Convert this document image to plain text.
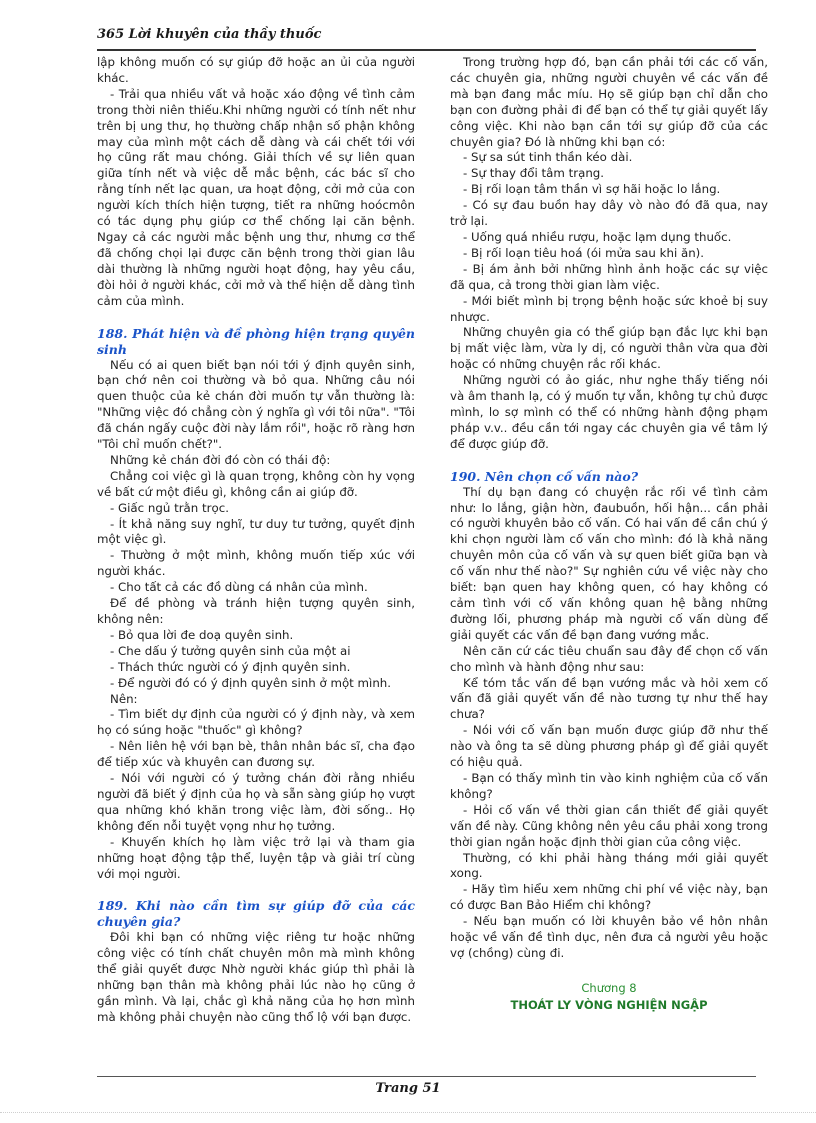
365 Lời khuyên của thầy thuốc

lập không muốn có sự giúp đỡ hoặc an ủi của người khác.

- Trải qua nhiều vất vả hoặc xáo động về tình cảm trong thời niên thiếu.Khi những người có tính nết như trên bị ung thư, họ thường chấp nhận số phận không may của mình một cách dễ dàng và cái chết tới với họ cũng rất mau chóng. Giải thích về sự liên quan giữa tính nết và việc dễ mắc bệnh, các bác sĩ cho rằng tính nết lạc quan, ưa hoạt động, cởi mở của con người kích thích hiện tượng, tiết ra những hoócmôn có tác dụng phụ giúp cơ thể chống lại căn bệnh. Ngay cả các người mắc bệnh ung thư, nhưng cơ thể đã chống chọi lại được căn bệnh trong thời gian lâu dài thường là những người hoạt động, hay yêu cầu, đòi hỏi ở người khác, cởi mở và thể hiện dễ dàng tình cảm của mình.

188. Phát hiện và đề phòng hiện trạng quyên sinh

Nếu có ai quen biết bạn nói tới ý định quyên sinh, bạn chớ nên coi thường và bỏ qua. Những câu nói quen thuộc của kẻ chán đời muốn tự vẫn thường là: "Những việc đó chẳng còn ý nghĩa gì với tôi nữa". "Tôi đã chán ngấy cuộc đời này lắm rồi", hoặc rõ ràng hơn "Tôi chỉ muốn chết?".

Những kẻ chán đời đó còn có thái độ:

Chẳng coi việc gì là quan trọng, không còn hy vọng về bất cứ một điều gì, không cần ai giúp đỡ.

- Giấc ngủ trằn trọc.

- Ít khả năng suy nghĩ, tư duy tư tưởng, quyết định một việc gì.

- Thường ở một mình, không muốn tiếp xúc với người khác.

- Cho tất cả các đồ dùng cá nhân của mình.

Để đề phòng và tránh hiện tượng quyên sinh, không nên:

- Bỏ qua lời đe doạ quyên sinh.

- Che dấu ý tưởng quyên sinh của một ai

- Thách thức người có ý định quyên sinh.

- Để người đó có ý định quyên sinh ở một mình.

Nên:

- Tìm biết dự định của người có ý định này, và xem họ có súng hoặc "thuốc" gì không?

- Nên liên hệ với bạn bè, thân nhân bác sĩ, cha đạo để tiếp xúc và khuyên can đương sự.

- Nói với người có ý tưởng chán đời rằng nhiều người đã biết ý định của họ và sẵn sàng giúp họ vượt qua những khó khăn trong việc làm, đời sống.. Họ không đến nỗi tuyệt vọng như họ tưởng.

- Khuyến khích họ làm việc trở lại và tham gia những hoạt động tập thể, luyện tập và giải trí cùng với mọi người.

189. Khi nào cần tìm sự giúp đỡ của các chuyên gia?

Đôi khi bạn có những việc riêng tư hoặc những công việc có tính chất chuyên môn mà mình không thể giải quyết được Nhờ người khác giúp thì phải là những bạn thân mà không phải lúc nào họ cũng ở gần mình. Và lại, chắc gì khả năng của họ hơn mình mà không phải chuyện nào cũng thổ lộ với bạn được.

Trong trường hợp đó, bạn cần phải tới các cố vấn, các chuyên gia, những người chuyên về các vấn đề mà bạn đang mắc míu. Họ sẽ giúp bạn chỉ dẫn cho bạn con đường phải đi để bạn có thể tự giải quyết lấy công việc. Khi nào bạn cần tới sự giúp đỡ của các chuyên gia? Đó là những khi bạn có:

- Sự sa sút tinh thần kéo dài.

- Sự thay đổi tâm trạng.

- Bị rối loạn tâm thần vì sợ hãi hoặc lo lắng.

- Có sự đau buồn hay dây vò nào đó đã qua, nay trở lại.

- Uống quá nhiều rượu, hoặc lạm dụng thuốc.

- Bị rối loạn tiêu hoá (ói mửa sau khi ăn).

- Bị ám ảnh bởi những hình ảnh hoặc các sự việc đã qua, cả trong thời gian làm việc.

- Mới biết mình bị trọng bệnh hoặc sức khoẻ bị suy nhược.

Những chuyên gia có thể giúp bạn đắc lực khi bạn bị mất việc làm, vừa ly dị, có người thân vừa qua đời hoặc có những chuyện rắc rối khác.

Những người có ảo giác, như nghe thấy tiếng nói và âm thanh lạ, có ý muốn tự vẫn, không tự chủ được mình, lo sợ mình có thể có những hành động phạm pháp v.v.. đều cần tới ngay các chuyên gia về tâm lý để được giúp đỡ.

190. Nên chọn cố vấn nào?

Thí dụ bạn đang có chuyện rắc rối về tình cảm như: lo lắng, giận hờn, đaubuồn, hối hận... cần phải có người khuyên bảo cố vấn. Có hai vấn đề cần chú ý khi chọn người làm cố vấn cho mình: đó là khả năng chuyên môn của cố vấn và sự quen biết giữa bạn và cố vấn như thế nào?" Sự nghiên cứu về việc này cho biết: bạn quen hay không quen, có hay không có cảm tình với cố vấn không quan hệ bằng những đường lối, phương pháp mà người cố vấn dùng để giải quyết các vấn đề bạn đang vướng mắc.

Nên căn cứ các tiêu chuẩn sau đây để chọn cố vấn cho mình và hành động như sau:

Kể tóm tắc vấn đề bạn vướng mắc và hỏi xem cố vấn đã giải quyết vấn đề nào tương tự như thế hay chưa?

- Nói với cố vấn bạn muốn được giúp đỡ như thế nào và ông ta sẽ dùng phương pháp gì để giải quyết có hiệu quả.

- Bạn có thấy mình tin vào kinh nghiệm của cố vấn không?

- Hỏi cố vấn về thời gian cần thiết để giải quyết vấn đề này. Cũng không nên yêu cầu phải xong trong thời gian ngắn hoặc định thời gian của công việc.

Thường, có khi phải hàng tháng mới giải quyết xong.

- Hãy tìm hiểu xem những chi phí về việc này, bạn có được Ban Bảo Hiểm chi không?

- Nếu bạn muốn có lời khuyên bảo về hôn nhân hoặc về vấn đề tình dục, nên đưa cả người yêu hoặc vợ (chồng) cùng đi.

Chương 8
THOÁT LY VÒNG NGHIỆN NGẬP
Trang 51
